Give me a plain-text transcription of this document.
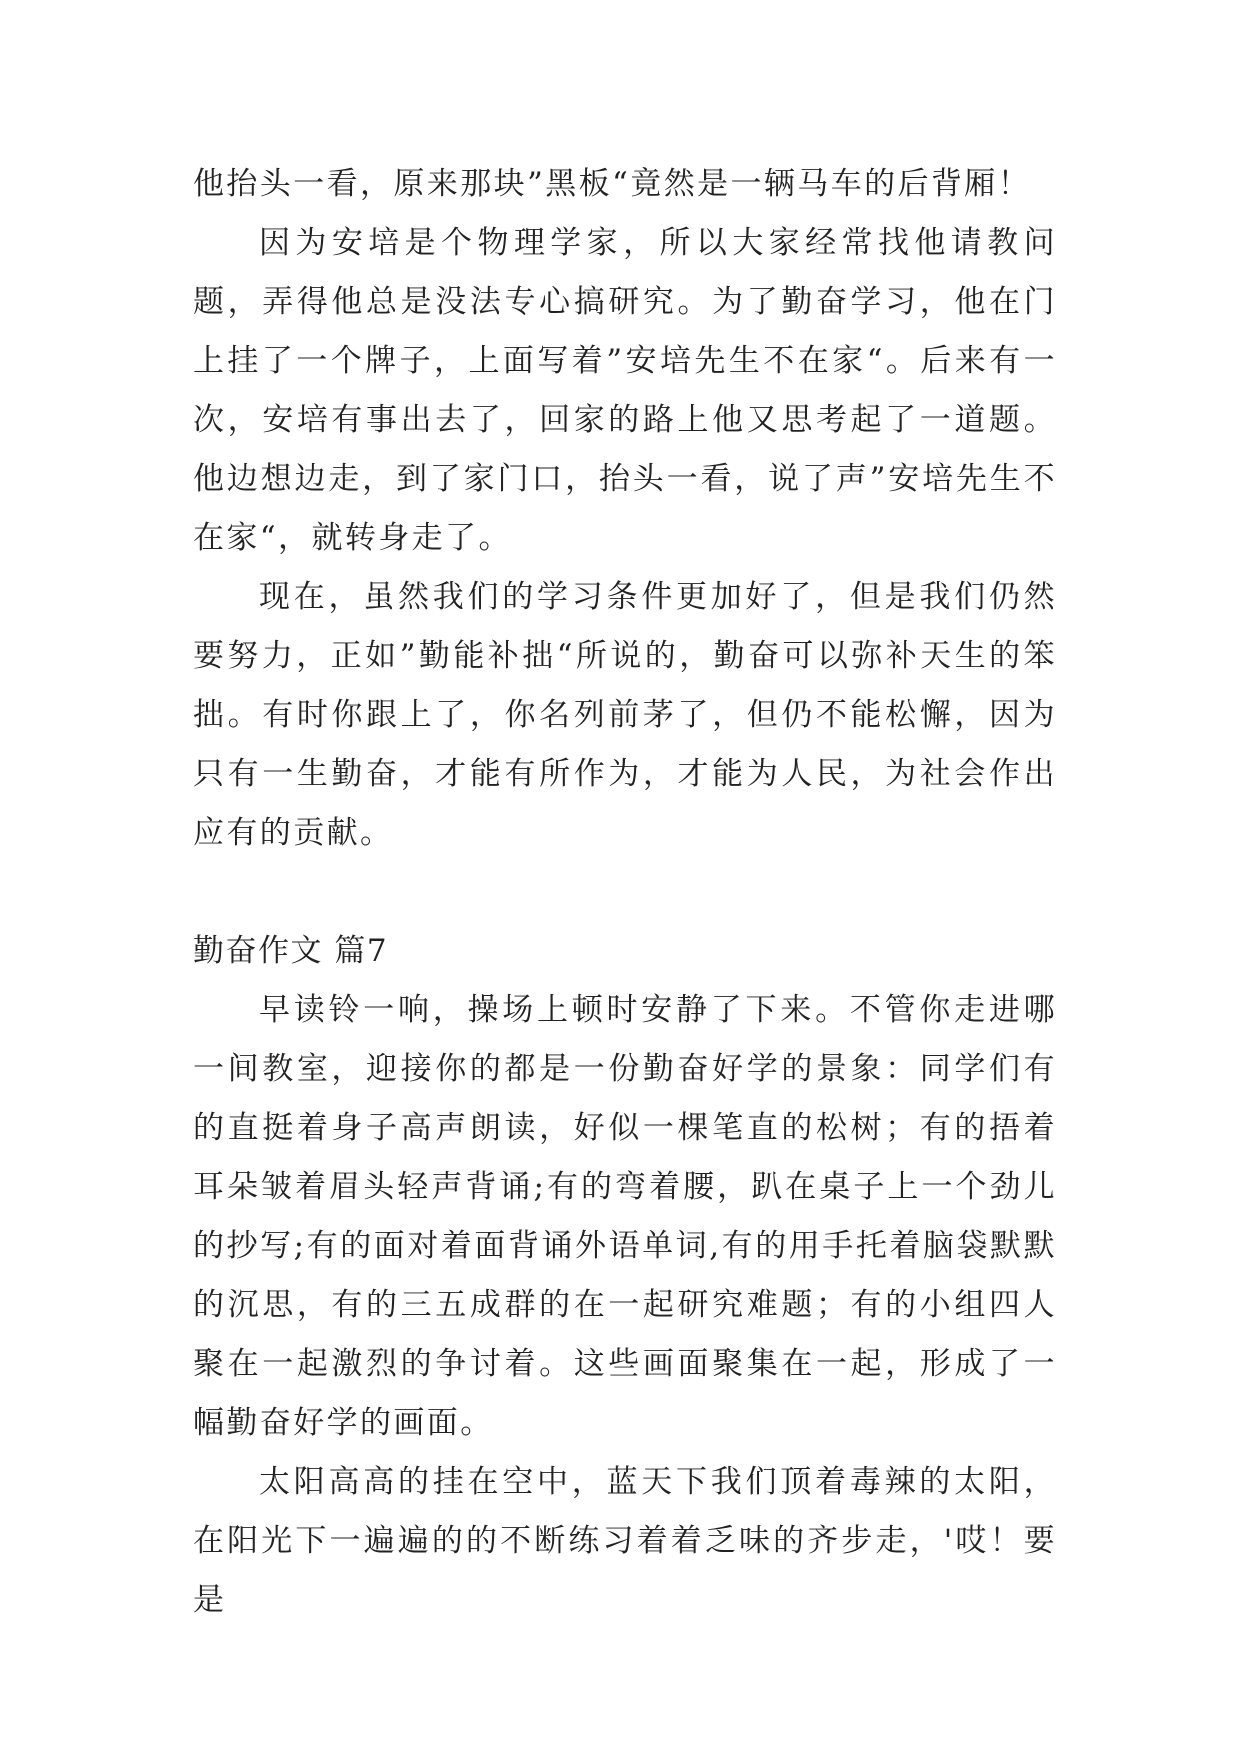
他抬头一看，原来那块”黑板“竟然是一辆马车的后背厢！

因为安培是个物理学家，所以大家经常找他请教问题，弄得他总是没法专心搞研究。为了勤奋学习，他在门上挂了一个牌子，上面写着”安培先生不在家“。后来有一次，安培有事出去了，回家的路上他又思考起了一道题。他边想边走，到了家门口，抬头一看，说了声”安培先生不在家“，就转身走了。

现在，虽然我们的学习条件更加好了，但是我们仍然要努力，正如”勤能补拙“所说的，勤奋可以弥补天生的笨拙。有时你跟上了，你名列前茅了，但仍不能松懈，因为只有一生勤奋，才能有所作为，才能为人民，为社会作出应有的贡献。

勤奋作文 篇7

早读铃一响，操场上顿时安静了下来。不管你走进哪一间教室，迎接你的都是一份勤奋好学的景象：同学们有的直挺着身子高声朗读，好似一棵笔直的松树；有的捂着耳朵皱着眉头轻声背诵;有的弯着腰，趴在桌子上一个劲儿的抄写;有的面对着面背诵外语单词,有的用手托着脑袋默默的沉思，有的三五成群的在一起研究难题；有的小组四人聚在一起激烈的争讨着。这些画面聚集在一起，形成了一幅勤奋好学的画面。

太阳高高的挂在空中，蓝天下我们顶着毒辣的太阳，在阳光下一遍遍的的不断练习着着乏味的齐步走，'哎！要是
